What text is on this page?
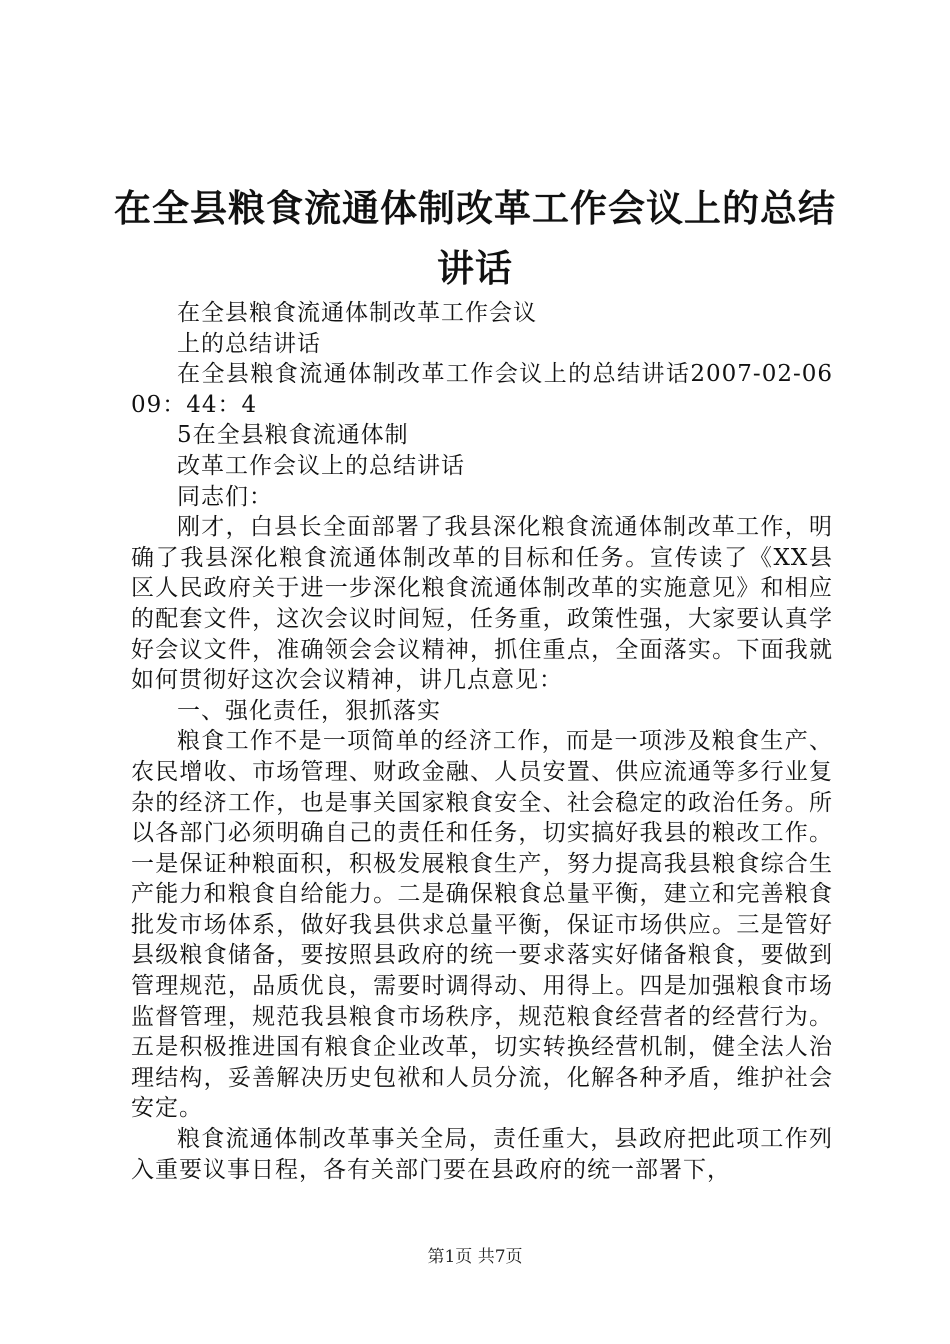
在全县粮食流通体制改革工作会议上的总结讲话

在全县粮食流通体制改革工作会议

上的总结讲话

在全县粮食流通体制改革工作会议上的总结讲话2007-02-0609：44：4

5在全县粮食流通体制

改革工作会议上的总结讲话

同志们：

刚才，白县长全面部署了我县深化粮食流通体制改革工作，明确了我县深化粮食流通体制改革的目标和任务。宣传读了《XX县区人民政府关于进一步深化粮食流通体制改革的实施意见》和相应的配套文件，这次会议时间短，任务重，政策性强，大家要认真学好会议文件，准确领会会议精神，抓住重点，全面落实。下面我就如何贯彻好这次会议精神，讲几点意见：

一、强化责任，狠抓落实

粮食工作不是一项简单的经济工作，而是一项涉及粮食生产、农民增收、市场管理、财政金融、人员安置、供应流通等多行业复杂的经济工作，也是事关国家粮食安全、社会稳定的政治任务。所以各部门必须明确自己的责任和任务，切实搞好我县的粮改工作。一是保证种粮面积，积极发展粮食生产，努力提高我县粮食综合生产能力和粮食自给能力。二是确保粮食总量平衡，建立和完善粮食批发市场体系，做好我县供求总量平衡，保证市场供应。三是管好县级粮食储备，要按照县政府的统一要求落实好储备粮食，要做到管理规范，品质优良，需要时调得动、用得上。四是加强粮食市场监督管理，规范我县粮食市场秩序，规范粮食经营者的经营行为。五是积极推进国有粮食企业改革，切实转换经营机制，健全法人治理结构，妥善解决历史包袱和人员分流，化解各种矛盾，维护社会安定。

粮食流通体制改革事关全局，责任重大，县政府把此项工作列入重要议事日程，各有关部门要在县政府的统一部署下，

第1页 共7页
